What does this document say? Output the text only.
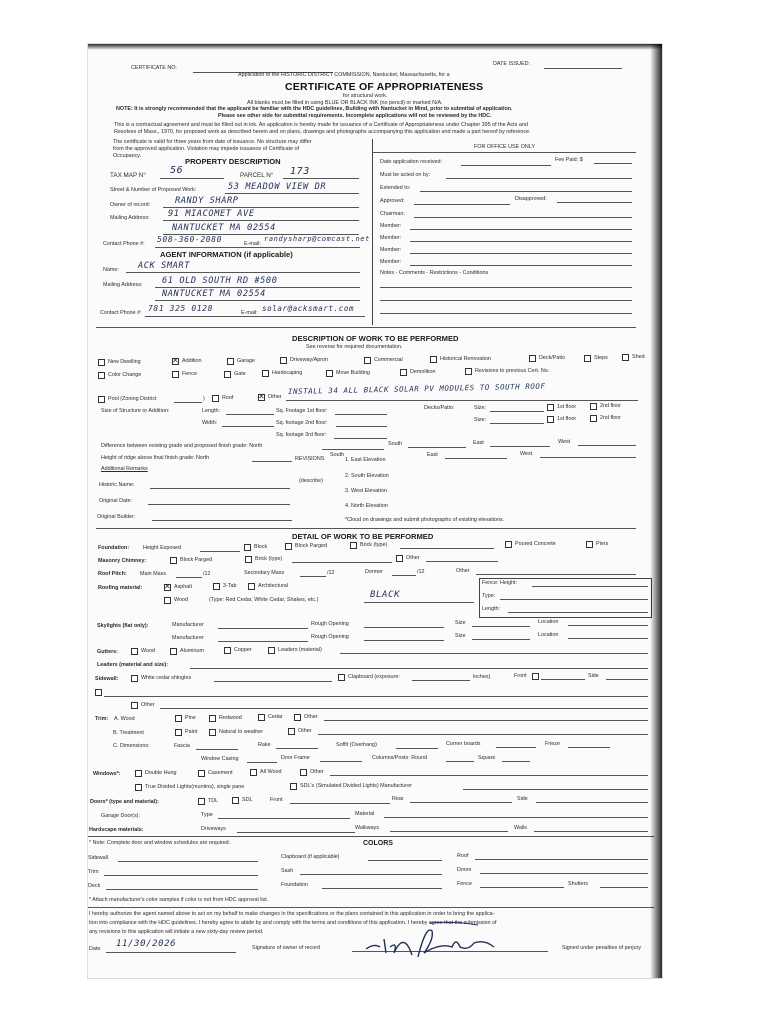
CERTIFICATE NO:
DATE ISSUED:
Application to the HISTORIC DISTRICT COMMISSION, Nantucket, Massachusetts, for a
CERTIFICATE OF APPROPRIATENESS
for structural work.
All blanks must be filled in using BLUE OR BLACK INK (no pencil) or marked N/A.
NOTE: It is strongly recommended that the applicant be familiar with the HDC guidelines, Building with Nantucket in Mind, prior to submittal of application.
Please see other side for submittal requirements. Incomplete applications will not be reviewed by the HDC.
This is a contractual agreement and must be filled out in ink. An application is hereby made for issuance of a Certificate of Appropriateness under Chapter 395 of the Acts and
Resolves of Mass., 1970, for proposed work as described herein and on plans, drawings and photographs accompanying this application and made a part hereof by reference.
The certificate is valid for three years from date of issuance. No structure may differ
from the approved application. Violation may impede issuance of Certificate of
Occupancy.
PROPERTY DESCRIPTION
TAX MAP N° 56	PARCEL N° 173
Street & Number of Proposed Work:	53 MEADOW VIEW DR
Owner of record:	RANDY SHARP
Mailing Address: 91 MIACOMET AVE
NANTUCKET MA 02554
Contact Phone #: 508-360-2080	E-mail:
randysharp@comcast.net
FOR OFFICE USE ONLY
Date application received:	Fee Paid: $
Must be acted on by:
Extended to:
Approved:	Disapproved:
Chairman:
Member:
Member:
Member:
Member:
Notes - Comments - Restrictions - Conditions
AGENT INFORMATION (if applicable)
Name: ACK SMART
Mailing Address: 61 OLD SOUTH RD #500
NANTUCKET MA 02554
Contact Phone #: 781 325 0128	E-mail: solar@acksmart.com
DESCRIPTION OF WORK TO BE PERFORMED
See reverse for required documentation.
New Dwelling ✕	Addition	Garage	Driveway/Apron	Commercial	Historical Renovation	Deck/Patio	Steps	Shed
Color Change	Fence	Gate	Hardscaping	Move Building	Demolition	Revisions to previous Cert. No.
Pool (Zoning District	)	Roof ✕	Other
INSTALL 34 ALL BLACK SOLAR PV MODULES TO SOUTH ROOF
Size of Structure or Addition:	Length:	Sq. Footage 1st floor:	Decks/Patio:	Size:	1st floor	2nd floor
Width:	Sq. footage 2nd floor:	Size:	1st floor	2nd floor
Sq. footage 3rd floor:
Difference between existing grade and proposed finish grade: North	South	East	West
Height of ridge above final finish grade: North	REVISIONS
South
1. East Elevation
East	West
Additional Remarks
2. South Elevation
(describe)
Historic Name:
3. West Elevation
Original Date:
4. North Elevation
Original Builder:	*Cloud on drawings and submit photographs of existing elevations.
DETAIL OF WORK TO BE PERFORMED
Foundation:	Height Exposed	Block	Block Parged	Brick (type)	Poured Concrete	Piers
Masonry Chimney:	Block Parged	Brick (type)	Other
Roof Pitch: Main Mass	/12	Secondary Mass	/12	Dormer	/12	Other
Roofing material: ✕	Asphalt	3-Tab	Architectural
Wood	(Type: Red Cedar, White Cedar, Shakes, etc.)	BLACK
Fence: Height:
Type:
Length:
Skylights (flat only):	Manufacturer	Rough Opening	Size	Location
Manufacturer	Rough Opening	Size	Location
Gutters:	Wood	Aluminum	Copper	Leaders (material)
Leaders (material and size):
Sidewall:	White cedar shingles	Clapboard (exposure:	inches)	Front	Side
Other
Trim: A. Wood	Pine	Redwood	Cedar	Other
B. Treatment	Paint	Natural to weather	Other
C. Dimensions:	Fascia	Rake	Soffit (Overhang)	Corner boards	Frieze
Window Casing	Door Frame	Columns/Posts: Round	Square
Windows*:	Double Hung	Casement	All Wood	Other
True Divided Lights(muntins), single pane	SDL's (Simulated Divided Lights) Manufacturer
Doors* (type and material):	TDL	SDL	Front	Rear	Side
Garage Door(s):	Type	Material
Hardscape materials:	Driveways	Walkways	Walls
* Note: Complete door and window schedules are required.	COLORS
Sidewall	Clapboard (if applicable)	Roof
Trim	Sash	Doors
Deck	Foundation	Fence	Shutters
* Attach manufacturer's color samples if color is not from HDC approval list.
I hereby authorize the agent named above to act on my behalf to make changes in the specifications or the plans contained in this application in order to bring the applica-
tion into compliance with the HDC guidelines. I hereby agree to abide by and comply with the terms and conditions of this application. I hereby agree that the submission of
any revisions to this application will initiate a new sixty-day review period.
Date 11/30/2026	Signature of owner of record	Signed under penalties of perjury
